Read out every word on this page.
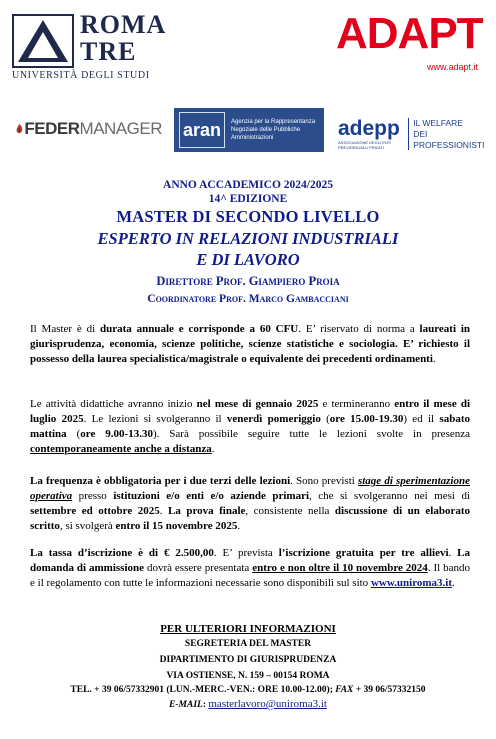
ROMA
TRE
UNIVERSITÀ DEGLI STUDI
ADAPT
www.adapt.it
FEDER MANAGER aran Agenzia per la Rappresentanza Negoziale delle Pubbliche Amministrazioni	adepp
ASSOCIAZIONE DEGLI ENTI PREVIDENZIALI PRIVATI
IL WELFARE
DEI PROFESSIONISTI
ANNO ACCADEMICO 2024/2025
14^ EDIZIONE
MASTER DI SECONDO LIVELLO
ESPERTO IN RELAZIONI INDUSTRIALI
E DI LAVORO
Direttore Prof. Giampiero Proia
Coordinatore Prof. Marco Gambacciani

Il Master è di durata annuale e corrisponde a 60 CFU. E’ riservato di norma a laureati in giurisprudenza, economia, scienze politiche, scienze statistiche e sociologia. E’ richiesto il possesso della laurea specialistica/magistrale o equivalente dei precedenti ordinamenti.

Le attività didattiche avranno inizio nel mese di gennaio 2025 e termineranno entro il mese di luglio 2025. Le lezioni si svolgeranno il venerdì pomeriggio (ore 15.00-19.30) ed il sabato mattina (ore 9.00-13.30). Sarà possibile seguire tutte le lezioni svolte in presenza contemporaneamente anche a distanza.

La frequenza è obbligatoria per i due terzi delle lezioni. Sono previsti stage di sperimentazione operativa presso istituzioni e/o enti e/o aziende primari, che si svolgeranno nei mesi di settembre ed ottobre 2025. La prova finale, consistente nella discussione di un elaborato scritto, si svolgerà entro il 15 novembre 2025.

La tassa d’iscrizione è di € 2.500,00. E’ prevista l’iscrizione gratuita per tre allievi. La domanda di ammissione dovrà essere presentata entro e non oltre il 10 novembre 2024. Il bando e il regolamento con tutte le informazioni necessarie sono disponibili sul sito www.uniroma3.it.

PER ULTERIORI INFORMAZIONI
SEGRETERIA DEL MASTER
DIPARTIMENTO DI GIURISPRUDENZA
VIA OSTIENSE, N. 159 – 00154 ROMA
TEL. + 39 06/57332901 (LUN.-MERC.-VEN.: ORE 10.00-12.00); FAX + 39 06/57332150
E-MAIL: masterlavoro@uniroma3.it
